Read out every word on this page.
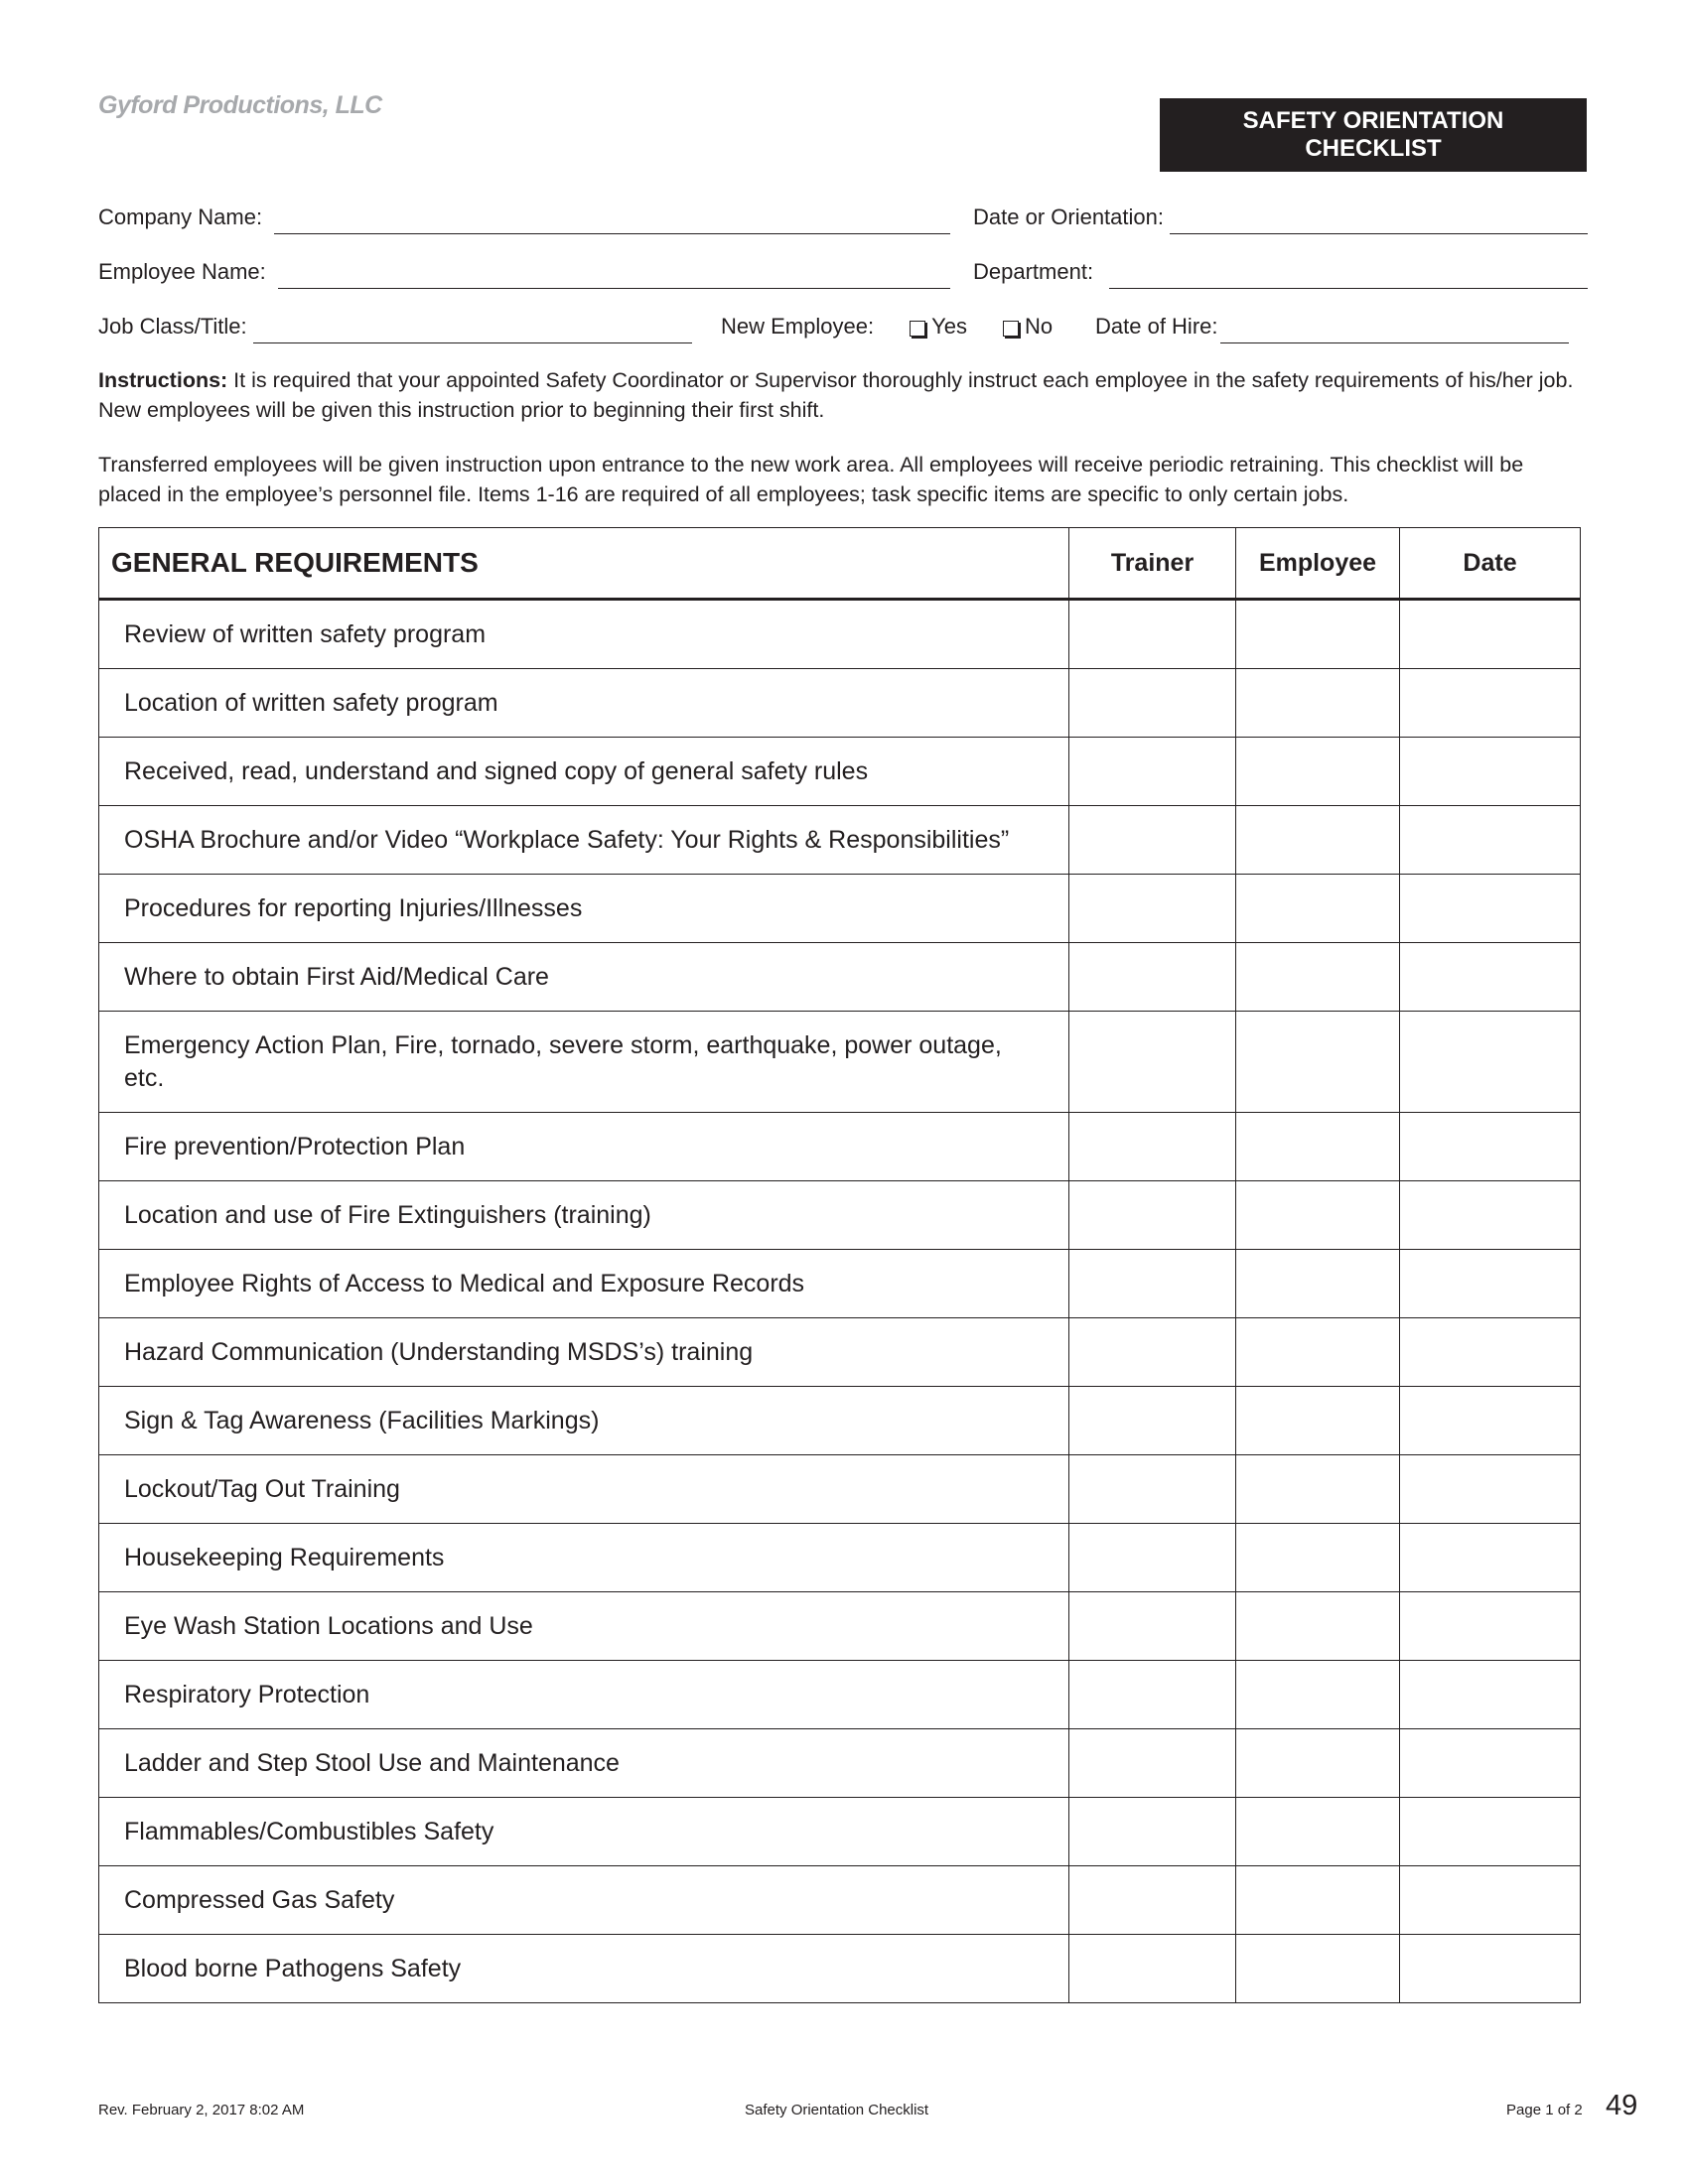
Gyford Productions, LLC
SAFETY ORIENTATION
CHECKLIST
Company Name:	Date or Orientation:
Employee Name:	Department:
Job Class/Title:	New Employee:	Yes	No Date of Hire:
Instructions: It is required that your appointed Safety Coordinator or Supervisor thoroughly instruct each employee in the safety requirements of his/her job. New employees will be given this instruction prior to beginning their first shift.
Transferred employees will be given instruction upon entrance to the new work area. All employees will receive periodic retraining. This checklist will be placed in the employee’s personnel file. Items 1-16 are required of all employees; task specific items are specific to only certain jobs.
GENERAL REQUIREMENTS	Trainer	Employee	Date
Review of written safety program			
Location of written safety program			
Received, read, understand and signed copy of general safety rules			
OSHA Brochure and/or Video “Workplace Safety: Your Rights & Responsibilities”			
Procedures for reporting Injuries/Illnesses			
Where to obtain First Aid/Medical Care			
Emergency Action Plan, Fire, tornado, severe storm, earthquake, power outage, etc.			
Fire prevention/Protection Plan			
Location and use of Fire Extinguishers (training)			
Employee Rights of Access to Medical and Exposure Records			
Hazard Communication (Understanding MSDS’s) training			
Sign & Tag Awareness (Facilities Markings)			
Lockout/Tag Out Training			
Housekeeping Requirements			
Eye Wash Station Locations and Use			
Respiratory Protection			
Ladder and Step Stool Use and Maintenance			
Flammables/Combustibles Safety			
Compressed Gas Safety			
Blood borne Pathogens Safety			
Rev. February 2, 2017 8:02 AM	Safety Orientation Checklist	Page 1 of 2 49
